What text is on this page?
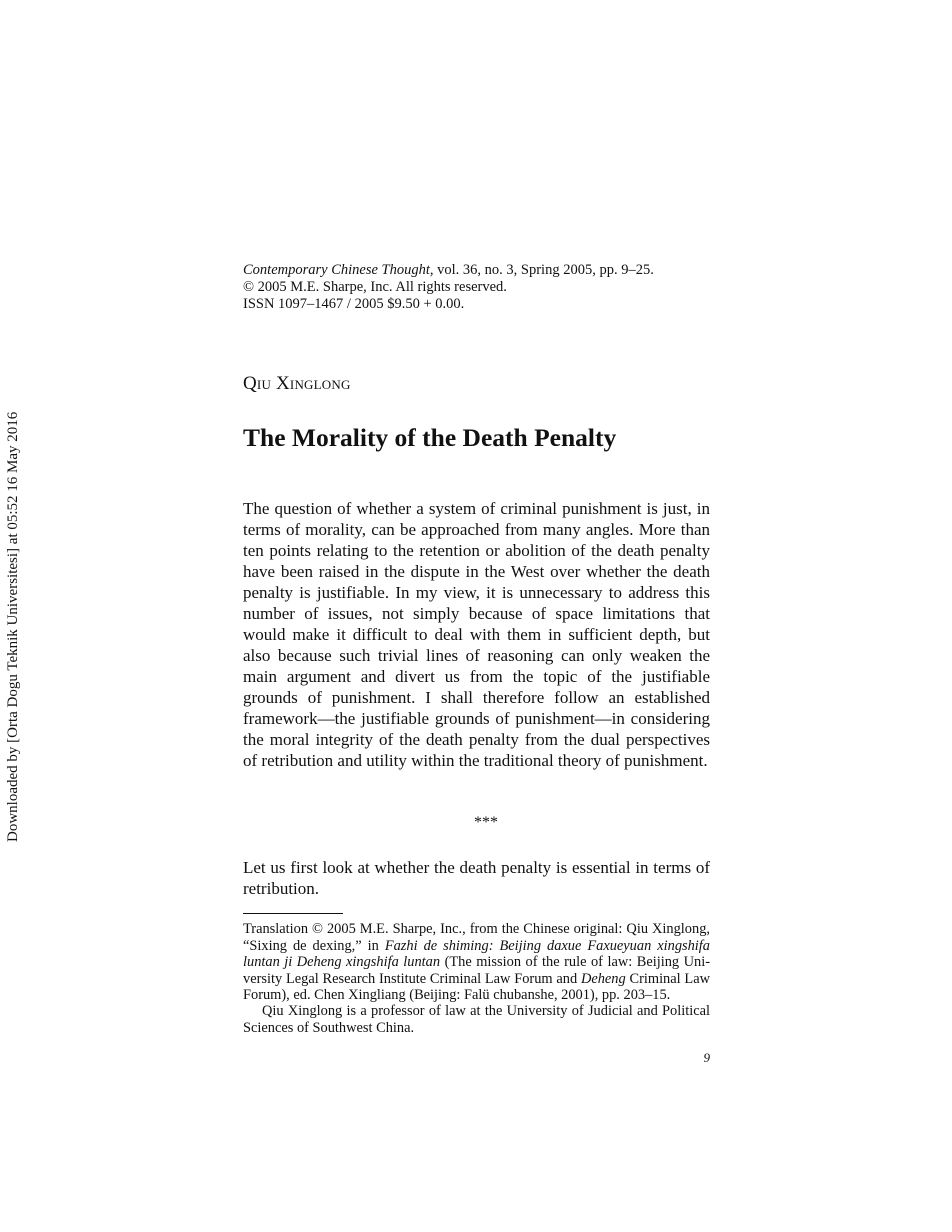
Downloaded by [Orta Dogu Teknik Universitesi] at 05:52 16 May 2016
Contemporary Chinese Thought, vol. 36, no. 3, Spring 2005, pp. 9–25.
© 2005 M.E. Sharpe, Inc. All rights reserved.
ISSN 1097–1467 / 2005 $9.50 + 0.00.
Qiu Xinglong
The Morality of the Death Penalty

The question of whether a system of criminal punishment is just, in terms of morality, can be approached from many angles. More than ten points relating to the retention or abolition of the death penalty have been raised in the dispute in the West over whether the death penalty is justifiable. In my view, it is unnecessary to address this number of issues, not simply because of space limitations that would make it difficult to deal with them in sufficient depth, but also because such trivial lines of reasoning can only weaken the main argument and divert us from the topic of the justifiable grounds of punishment. I shall therefore follow an established framework—the justifiable grounds of punishment—in considering the moral integrity of the death penalty from the dual perspectives of retribution and utility within the traditional theory of punishment.

***

Let us first look at whether the death penalty is essential in terms of retribution.

Translation © 2005 M.E. Sharpe, Inc., from the Chinese original: Qiu Xinglong, “Sixing de dexing,” in Fazhi de shiming: Beijing daxue Faxueyuan xingshifa luntan ji Deheng xingshifa luntan (The mission of the rule of law: Beijing University Legal Research Institute Criminal Law Forum and Deheng Criminal Law Forum), ed. Chen Xingliang (Beijing: Falü chubanshe, 2001), pp. 203–15.

Qiu Xinglong is a professor of law at the University of Judicial and Political Sciences of Southwest China.

9
